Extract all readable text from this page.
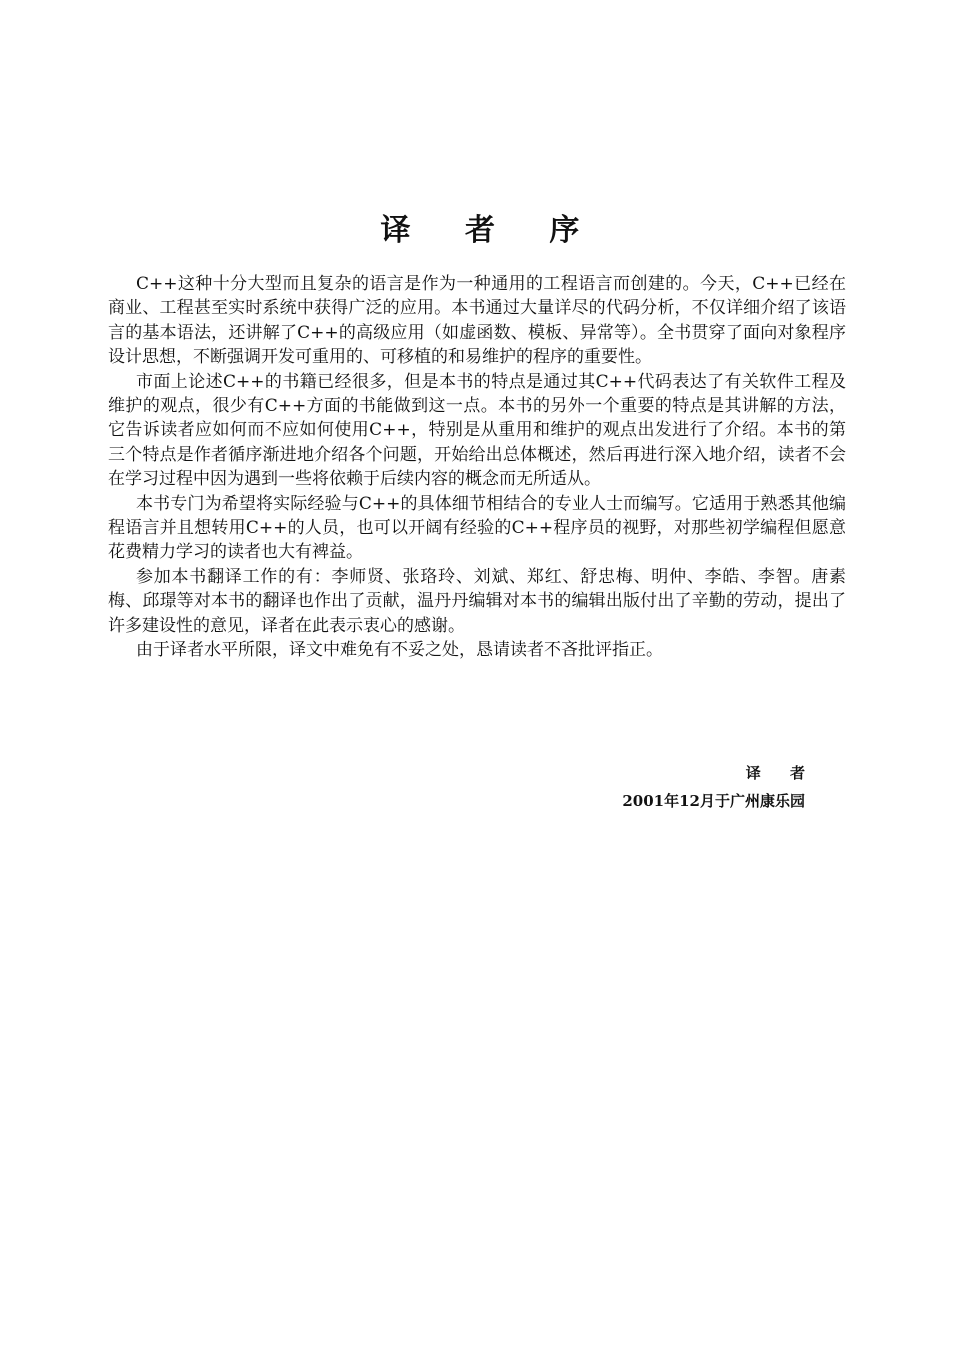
译 者 序

C++这种十分大型而且复杂的语言是作为一种通用的工程语言而创建的。今天，C++已经在商业、工程甚至实时系统中获得广泛的应用。本书通过大量详尽的代码分析，不仅详细介绍了该语言的基本语法，还讲解了C++的高级应用（如虚函数、模板、异常等）。全书贯穿了面向对象程序设计思想，不断强调开发可重用的、可移植的和易维护的程序的重要性。

市面上论述C++的书籍已经很多，但是本书的特点是通过其C++代码表达了有关软件工程及维护的观点，很少有C++方面的书能做到这一点。本书的另外一个重要的特点是其讲解的方法，它告诉读者应如何而不应如何使用C++，特别是从重用和维护的观点出发进行了介绍。本书的第三个特点是作者循序渐进地介绍各个问题，开始给出总体概述，然后再进行深入地介绍，读者不会在学习过程中因为遇到一些将依赖于后续内容的概念而无所适从。

本书专门为希望将实际经验与C++的具体细节相结合的专业人士而编写。它适用于熟悉其他编程语言并且想转用C++的人员，也可以开阔有经验的C++程序员的视野，对那些初学编程但愿意花费精力学习的读者也大有裨益。

参加本书翻译工作的有：李师贤、张珞玲、刘斌、郑红、舒忠梅、明仲、李皓、李智。唐素梅、邱璟等对本书的翻译也作出了贡献，温丹丹编辑对本书的编辑出版付出了辛勤的劳动，提出了许多建设性的意见，译者在此表示衷心的感谢。

由于译者水平所限，译文中难免有不妥之处，恳请读者不吝批评指正。

译 者
2001年12月于广州康乐园
